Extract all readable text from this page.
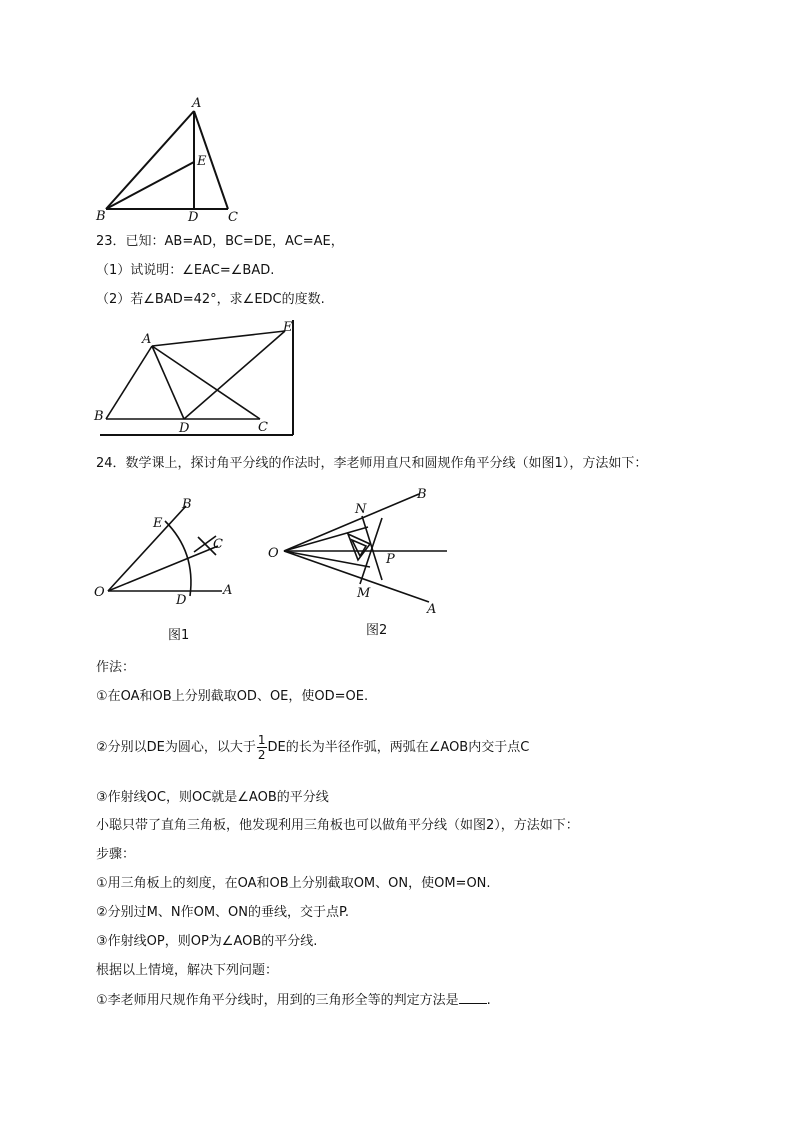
A
E
B	D C
23．已知：AB=AD，BC=DE，AC=AE，
（1）试说明：∠EAC=∠BAD.
（2）若∠BAD=42°，求∠EDC的度数.
A
E
B
D	C
24．数学课上，探讨角平分线的作法时，李老师用直尺和圆规作角平分线（如图1），方法如下：
B
E
C
O
D
A
图1
N
B
O	P
M
A
图2
作法：
①在OA和OB上分别截取OD、OE，使OD=OE.
②分别以DE为圆心，以大于 $\frac{1}{2}$ DE的长为半径作弧，两弧在∠AOB内交于点C
③作射线OC，则OC就是∠AOB的平分线
小聪只带了直角三角板，他发现利用三角板也可以做角平分线（如图2），方法如下：
步骤：
①用三角板上的刻度，在OA和OB上分别截取OM、ON，使OM=ON.
②分别过M、N作OM、ON的垂线，交于点P.
③作射线OP，则OP为∠AOB的平分线.
根据以上情境，解决下列问题：
①李老师用尺规作角平分线时，用到的三角形全等的判定方法是 .
